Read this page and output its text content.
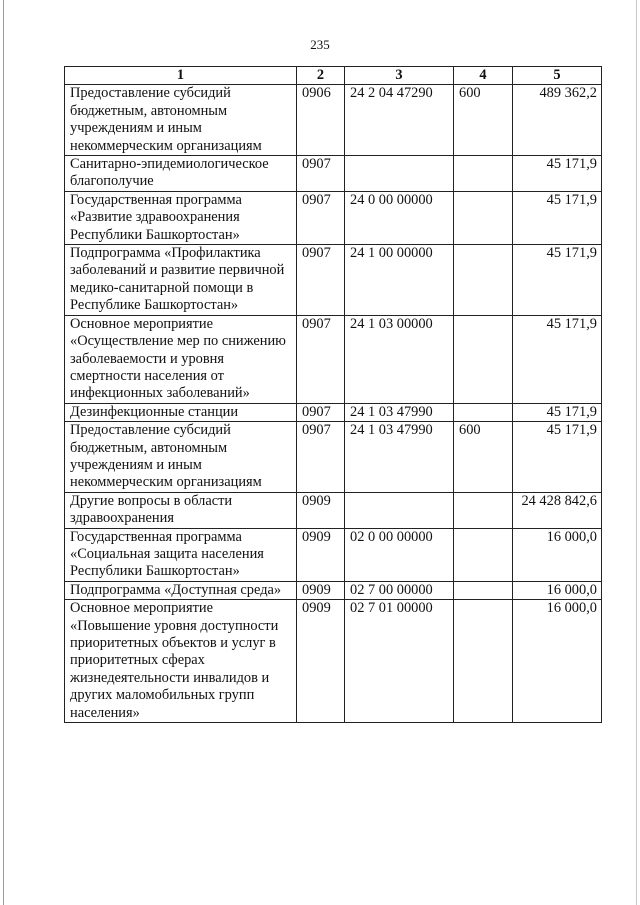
235
1	2	3	4	5
Предоставление субсидий бюджетным, автономным учреждениям и иным некоммерческим организациям	0906	24 2 04 47290	600	489 362,2
Санитарно-эпидемиологическое благополучие	0907			45 171,9
Государственная программа «Развитие здравоохранения Республики Башкортостан»	0907	24 0 00 00000		45 171,9
Подпрограмма «Профилактика заболеваний и развитие первичной медико-санитарной помощи в Республике Башкортостан»	0907	24 1 00 00000		45 171,9
Основное мероприятие «Осуществление мер по снижению заболеваемости и уровня смертности населения от инфекционных заболеваний»	0907	24 1 03 00000		45 171,9
Дезинфекционные станции	0907	24 1 03 47990		45 171,9
Предоставление субсидий бюджетным, автономным учреждениям и иным некоммерческим организациям	0907	24 1 03 47990	600	45 171,9
Другие вопросы в области здравоохранения	0909			24 428 842,6
Государственная программа «Социальная защита населения Республики Башкортостан»	0909	02 0 00 00000		16 000,0
Подпрограмма «Доступная среда»	0909	02 7 00 00000		16 000,0
Основное мероприятие «Повышение уровня доступности приоритетных объектов и услуг в приоритетных сферах жизнедеятельности инвалидов и других маломобильных групп населения»	0909	02 7 01 00000		16 000,0
